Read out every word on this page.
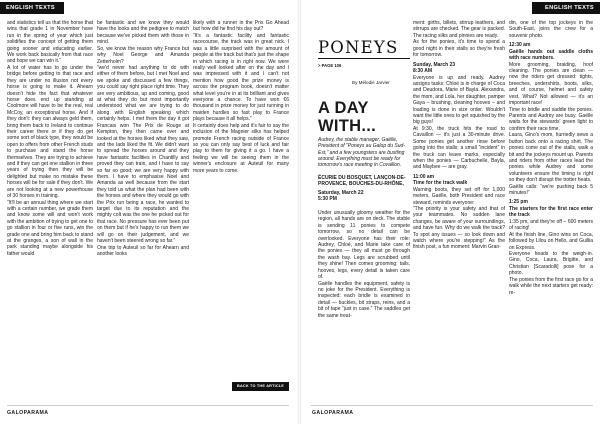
ENGLISH TEXTS

and statistics tell us that the horse that wins that grade 1 in November have run in the spring of year which just solidifies the concept of getting them going sooner and educating earlier. We work back basically from that race and hope we can win it.”

A lot of water has to go under the bridge before getting to that race and they are under no illusion not every horse is going to make it. Ahearn doesn't hide the fact that whatever horse does end up standing at Coolmore will have to be the real, real McCoy, an exceptional horse. And if they don't: they can always geld them, bring them back to Ireland to continue their career there or if they do get some sort of black type, they would be open to offers from other French studs to purchase and stand the horse themselves. They are trying to achieve and if they can get one stallion in three years of trying then they will be delighted but make no mistake these horses will be for sale if they don't. We are not looking at a new powerhouse of 30 horses in training.

“It'll be an annual thing where we start with a certain number, we grade them and know some will and won't work with the ambition of trying to get one to go stallion in four or five runs, win the grade one and bring him back to stand at the granges, a son of wall in the park standing maybe alongside his father would

be fantastic and we know they would have the looks and the pedigree to match because we've picked them with those in mind.

So, we know the reason why France but why Noel George and Amanda Zetterholm?

“we'd never had anything to do with either of them before, but I met Noel and we spoke and discussed a few things, you could say right place right time. They are very ambitious, up and coming, good at what they do but most importantly understood what we are trying to do along with English speaking which certainly helps. I met them the day it got Francais won The Prix de Rouge at Kempton, they then came over and looked at the horses liked what they saw, and the lads liked the fit. We didn't want to spread the horses around and they have fantastic facilities in Chantilly and proved they can train, and I have to say so far so good; we are very happy with them. I have to emphasise Noel and Amanda as well because from the start they told us what the plan had been with the horses and where they would go with the Prix run being a race, he wanted to target due to its reputation and the mighty colt was the one he picked out for that race. No pressure has ever been put on them but if he's happy to run them we will go on their judgement, and we haven't been steered wrong so far.”

One trip to Auteuil so far for Ahearn and another looks

likely with a runner in the Prix Go Ahead but how did he find his day out?

“It's a fantastic facility and fantastic racecourse, the track was in great nick. I was a little surprised with the amount of people at the track but that's just the shape in which racing is in right now. We were really well looked after on the day and I was impressed with it and I can't not mention how good the prize money is across the program book, doesn't matter what level you're in at its brilliant and gives everyone a chance. To have won €6 thousand in prize money for just running in maiden hurdles so fast play to France plays because it all helps.”

It certainly does help and it's fair to say the inclusion of the Magnier silks has helped promote French racing outside of France so you can only say best of luck and fair play to them for giving it a go. I have a feeling we will be seeing them in the winner's enclosure at Auteuil for many more years to come.

BACK TO THE ARTICLE
GALOPARAMA
ENGLISH TEXTS
PONEYS
> PAGE 106
By Mélodie Jarvier
A DAY WITH...
Audrey, the stable manager, Gaëlle, President of “Poneys au Galop du Sud-Est,” and a few youngsters are bustling around. Everything must be ready for tomorrow's race meeting in Covaillon.
ÉCURIE DU BOSQUET, LANÇON-DE-PROVENCE, BOUCHES-DU-RHÔNE,
Saturday, March 22
5:30 PM

Under unusually gloomy weather for the region, all hands are on deck. The stable is sending 11 ponies to compete tomorrow, so no detail can be overlooked. Everyone has their role: Audrey, Chloé, and Marie take care of the ponies — they all must go through the wash bay. Legs are scrubbed until they shine! Then comes grooming: tails, hooves, legs, every detail is taken care of.

Gaëlle handles the equipment, safety is no joke for the President. Everything is inspected: each bridle is examined in detail — buckles, bit straps, reins, and a bit of tape “just in case.” The saddles get the same treat-

ment: girths, billets, stirrup leathers, and stirrups are checked. The gear is packed. The racing silks and pinnies are ready.

As for the ponies, it's time to spend a good night in their stalls so they're fresh for tomorrow.

Sunday, March 23

8:30 AM

Everyone is up and ready. Audrey assigns tasks: Chloé is in charge of Coca and Deudora, Marie of Bayla. Alexandra, the mom, and Lola, her daughter, pamper Gaya – brushing, cleaning hooves – and loading is done in size order. Wouldn't want the little ones to get squished by the big guys!

At 9:30, the truck hits the road to Cavaillon — it's just a 30-minute drive. Some ponies get another rinse before going into the stalls; a small “incident” in the truck can leave marks, especially when the ponies — Carbuchelle, Bayla, and Maybee — are gray.

11:00 am

Time for the track walk

Warning boots, they set off for 1,000 meters. Gaëlle, both President and race steward, reminds everyone:

“The priority is your safety and that of your teammates. No sudden lane changes, be aware of your surroundings, and have fun. Why do we walk the track? To spot any issues — so look down and watch where you're stepping!” As the finish post, a fun moment: Marvin Gran-

din, one of the top jockeys in the South-East, joins the crew for a souvenir photo.

12:30 am

Gaëlle hands out saddle cloths with race numbers.

More grooming, braiding, hoof cleaning. The ponies are clean — now the riders get dressed: tights, breeches, undershirts, boots, silks, and of course, helmet and safety vest. What? Not allowed — it's an important race!

Time to bridle and saddle the ponies. Parents and Audrey are busy. Gaëlle waits for the stewards' green light to confirm their race time.

Laura, Gino's mom, hurriedly sews a button back onto a racing shirt. The ponies come out of the stalls, walk a bit and the jockeys mount up. Parents and riders from other races lead the ponies while Audrey and some volunteers ensure the timing is right so they don't disrupt the trotter heats.

Gaëlle calls: “we're pushing back 5 minutes!”

1:25 pm

The starters for the first race enter the track

1:35 pm, and they're off – 600 meters of racing!

At the finish line, Gino wins on Coca, followed by Lilou on Hello, and Guillia on Express.

Everyone heads to the weigh-in. Gino, Coca, Laura, Brigitte, and Christian [Scaradolli] pose for a photo.

The ponies from the first race go for a walk while the next starters get ready: re-

GALOPARAMA
